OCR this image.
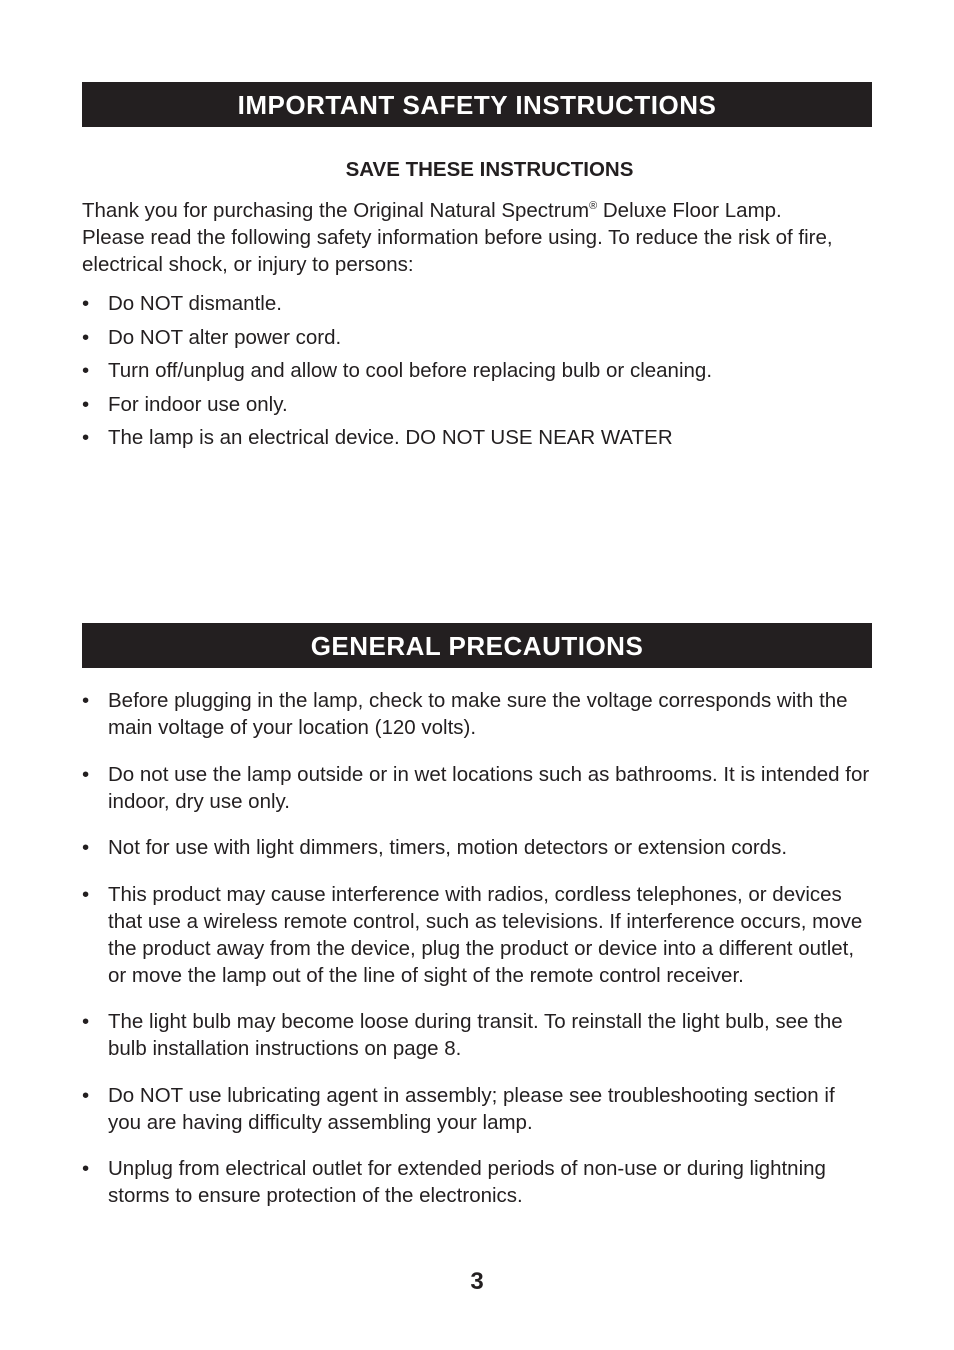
IMPORTANT SAFETY INSTRUCTIONS
SAVE THESE INSTRUCTIONS
Thank you for purchasing the Original Natural Spectrum® Deluxe Floor Lamp.
Please read the following safety information before using. To reduce the risk of fire, electrical shock, or injury to persons:
• Do NOT dismantle.
• Do NOT alter power cord.
• Turn off/unplug and allow to cool before replacing bulb or cleaning.
• For indoor use only.
• The lamp is an electrical device. DO NOT USE NEAR WATER
GENERAL PRECAUTIONS
• Before plugging in the lamp, check to make sure the voltage corresponds with the main voltage of your location (120 volts).
• Do not use the lamp outside or in wet locations such as bathrooms. It is intended for indoor, dry use only.
• Not for use with light dimmers, timers, motion detectors or extension cords.
• This product may cause interference with radios, cordless telephones, or devices that use a wireless remote control, such as televisions. If interference occurs, move the product away from the device, plug the product or device into a different outlet, or move the lamp out of the line of sight of the remote control receiver.
• The light bulb may become loose during transit. To reinstall the light bulb, see the bulb installation instructions on page 8.
• Do NOT use lubricating agent in assembly; please see troubleshooting section if you are having difficulty assembling your lamp.
• Unplug from electrical outlet for extended periods of non-use or during lightning storms to ensure protection of the electronics.
3
